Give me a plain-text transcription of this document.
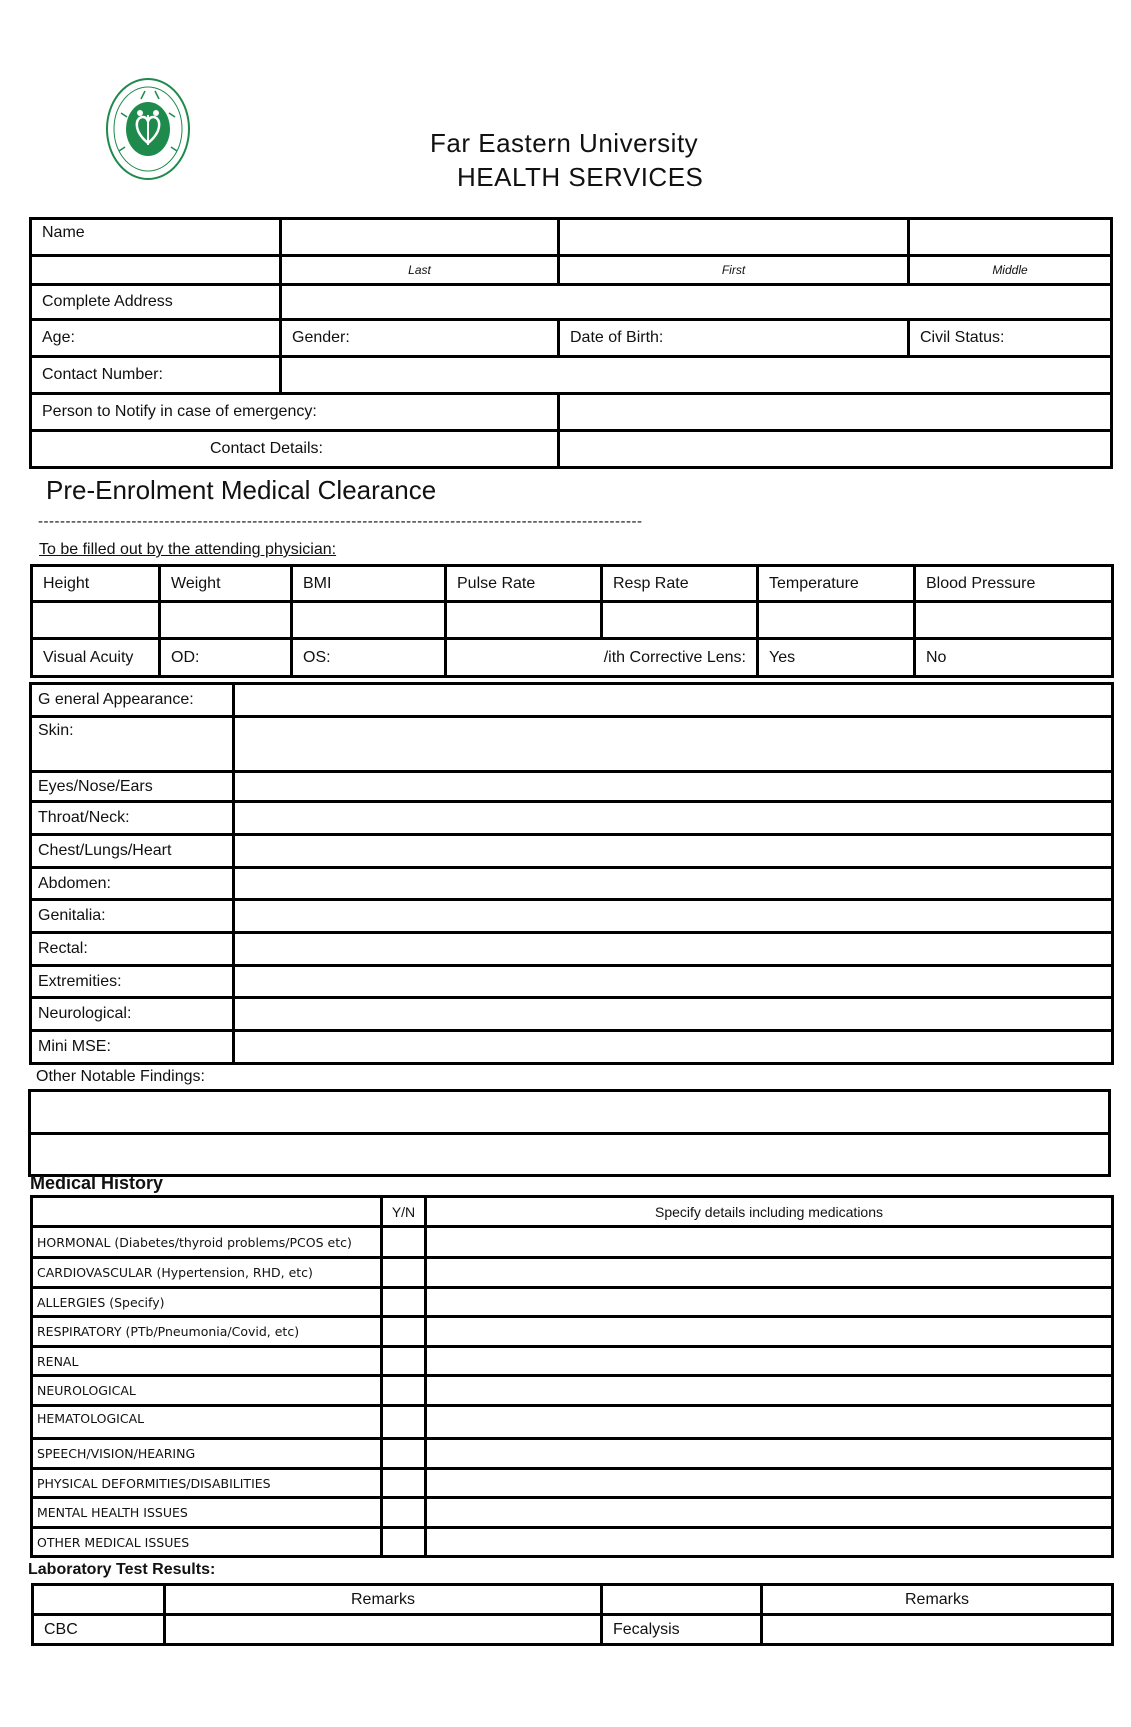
Far Eastern University
HEALTH SERVICES
Name			
	Last	First	Middle
Complete Address			
Age:	Gender:	Date of Birth:	Civil Status:
Contact Number:			
Person to Notify in case of emergency:			
Contact Details:			
Pre-Enrolment Medical Clearance
--------------------------------------------------------------------------------------------------------------
To be filled out by the attending physician:
Height	Weight	BMI	Pulse Rate	Resp Rate	Temperature	Blood Pressure

Visual Acuity	OD:	OS:	/ith Corrective Lens:		Yes	No
G eneral Appearance:	
Skin:	
Eyes/Nose/Ears	
Throat/Neck:	
Chest/Lungs/Heart	
Abdomen:	
Genitalia:	
Rectal:	
Extremities:	
Neurological:	
Mini MSE:	
Other Notable Findings:

Medical History
	Y/N	Specify details including medications
HORMONAL (Diabetes/thyroid problems/PCOS etc)		
CARDIOVASCULAR (Hypertension, RHD, etc)		
ALLERGIES (Specify)		
RESPIRATORY (PTb/Pneumonia/Covid, etc)		
RENAL		
NEUROLOGICAL		
HEMATOLOGICAL		
SPEECH/VISION/HEARING		
PHYSICAL DEFORMITIES/DISABILITIES		
MENTAL HEALTH ISSUES		
OTHER MEDICAL ISSUES		
Laboratory Test Results:
	Remarks		Remarks
CBC		Fecalysis	
